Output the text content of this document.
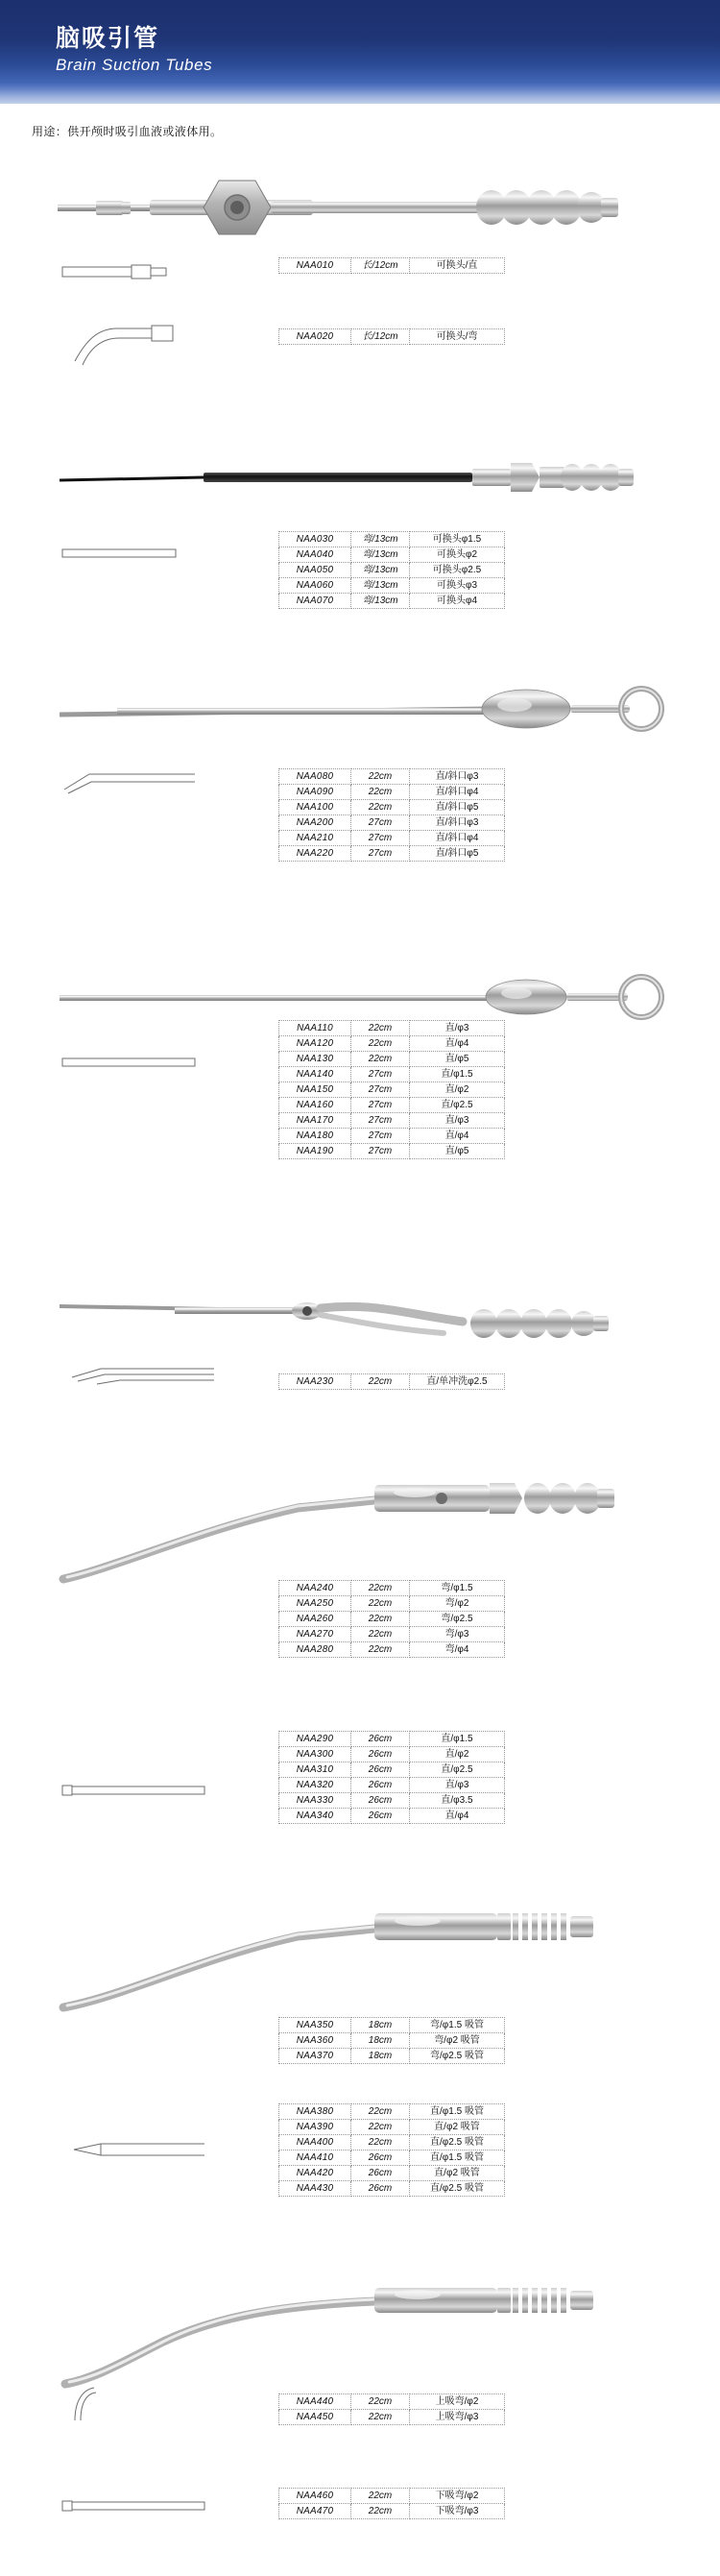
脑吸引管
Brain Suction Tubes
用途：供开颅时吸引血液或液体用。
NAA010	长/12cm	可换头/直
NAA020	长/12cm	可换头/弯
NAA030	弯/13cm	可换头φ1.5
NAA040	弯/13cm	可换头φ2
NAA050	弯/13cm	可换头φ2.5
NAA060	弯/13cm	可换头φ3
NAA070	弯/13cm	可换头φ4
NAA080	22cm	直/斜口φ3
NAA090	22cm	直/斜口φ4
NAA100	22cm	直/斜口φ5
NAA200	27cm	直/斜口φ3
NAA210	27cm	直/斜口φ4
NAA220	27cm	直/斜口φ5
NAA110	22cm	直/φ3
NAA120	22cm	直/φ4
NAA130	22cm	直/φ5
NAA140	27cm	直/φ1.5
NAA150	27cm	直/φ2
NAA160	27cm	直/φ2.5
NAA170	27cm	直/φ3
NAA180	27cm	直/φ4
NAA190	27cm	直/φ5
NAA230	22cm	直/单冲洗φ2.5
NAA240	22cm	弯/φ1.5
NAA250	22cm	弯/φ2
NAA260	22cm	弯/φ2.5
NAA270	22cm	弯/φ3
NAA280	22cm	弯/φ4
NAA290	26cm	直/φ1.5
NAA300	26cm	直/φ2
NAA310	26cm	直/φ2.5
NAA320	26cm	直/φ3
NAA330	26cm	直/φ3.5
NAA340	26cm	直/φ4
NAA350	18cm	弯/φ1.5 吸管
NAA360	18cm	弯/φ2 吸管
NAA370	18cm	弯/φ2.5 吸管
NAA380	22cm	直/φ1.5 吸管
NAA390	22cm	直/φ2 吸管
NAA400	22cm	直/φ2.5 吸管
NAA410	26cm	直/φ1.5 吸管
NAA420	26cm	直/φ2 吸管
NAA430	26cm	直/φ2.5 吸管
NAA440	22cm	上吸弯/φ2
NAA450	22cm	上吸弯/φ3
NAA460	22cm	下吸弯/φ2
NAA470	22cm	下吸弯/φ3
